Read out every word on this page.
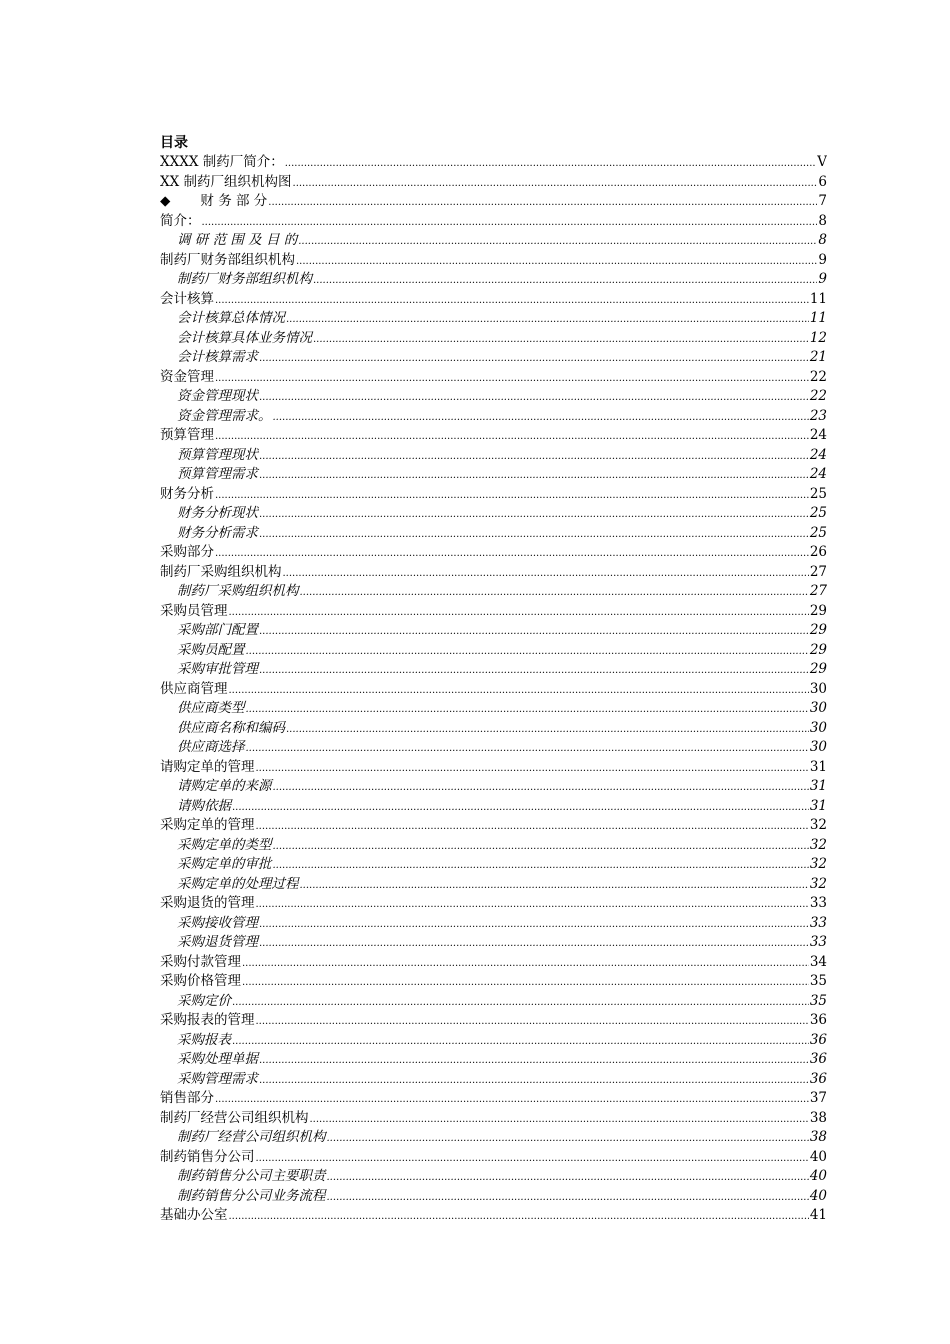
目录
XXXX 制药厂简介： .....	V
XX 制药厂组织机构图 .....	6
◆       财 务 部 分 .....	7
简介： .....	8
调 研 范 围 及 目 的 .....	8
制药厂财务部组织机构 .....	9
制药厂财务部组织机构 .....	9
会计核算 .....	11
会计核算总体情况 .....	11
会计核算具体业务情况 .....	12
会计核算需求 .....	21
资金管理 .....	22
资金管理现状 .....	22
资金管理需求。 .....	23
预算管理 .....	24
预算管理现状 .....	24
预算管理需求 .....	24
财务分析 .....	25
财务分析现状 .....	25
财务分析需求 .....	25
采购部分 .....	26
制药厂采购组织机构 .....	27
制药厂采购组织机构 .....	27
采购员管理 .....	29
采购部门配置 .....	29
采购员配置 .....	29
采购审批管理 .....	29
供应商管理 .....	30
供应商类型 .....	30
供应商名称和编码 .....	30
供应商选择 .....	30
请购定单的管理 .....	31
请购定单的来源 .....	31
请购依据 .....	31
采购定单的管理 .....	32
采购定单的类型 .....	32
采购定单的审批 .....	32
采购定单的处理过程 .....	32
采购退货的管理 .....	33
采购接收管理 .....	33
采购退货管理 .....	33
采购付款管理 .....	34
采购价格管理 .....	35
采购定价 .....	35
采购报表的管理 .....	36
采购报表 .....	36
采购处理单据 .....	36
采购管理需求 .....	36
销售部分 .....	37
制药厂经营公司组织机构 .....	38
制药厂经营公司组织机构 .....	38
制药销售分公司 .....	40
制药销售分公司主要职责 .....	40
制药销售分公司业务流程 .....	40
基础办公室 .....	41
